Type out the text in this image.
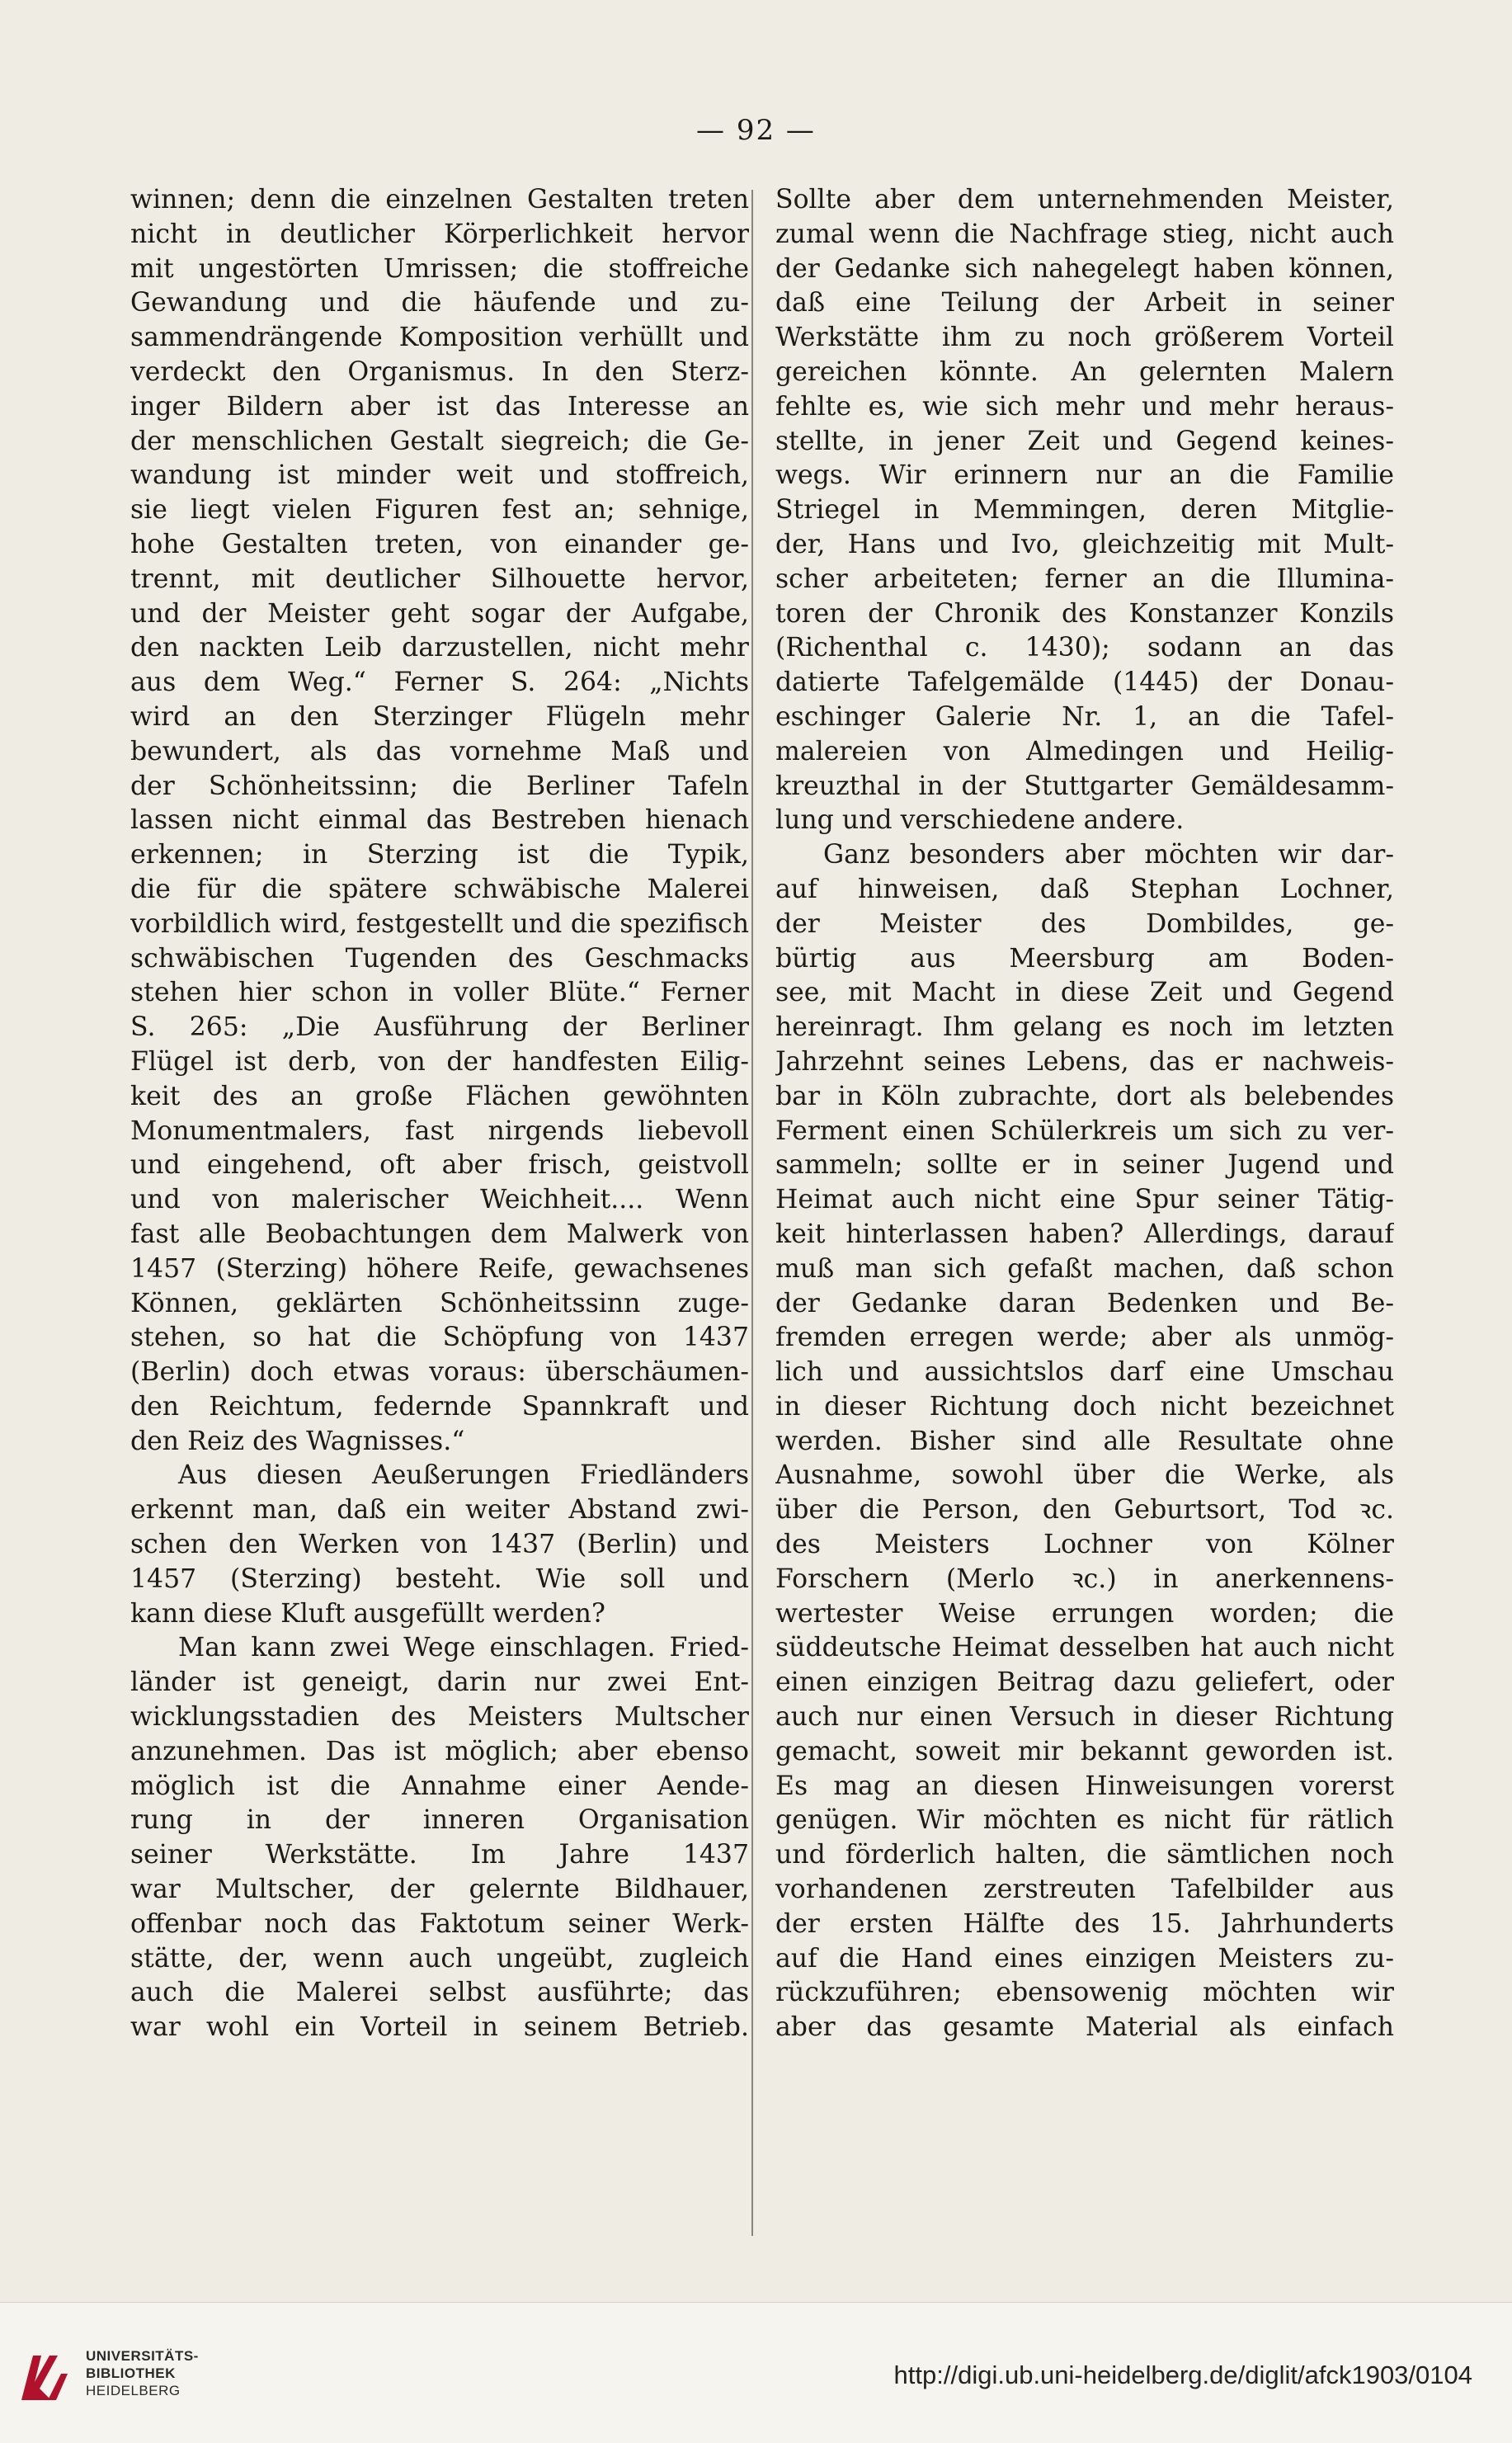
— 92 —
winnen; denn die einzelnen Gestalten treten
nicht in deutlicher Körperlichkeit hervor
mit ungestörten Umrissen; die stoffreiche
Gewandung und die häufende und zu-
sammendrängende Komposition verhüllt und
verdeckt den Organismus. In den Sterz-
inger Bildern aber ist das Interesse an
der menschlichen Gestalt siegreich; die Ge-
wandung ist minder weit und stoffreich,
sie liegt vielen Figuren fest an; sehnige,
hohe Gestalten treten, von einander ge-
trennt, mit deutlicher Silhouette hervor,
und der Meister geht sogar der Aufgabe,
den nackten Leib darzustellen, nicht mehr
aus dem Weg.“ Ferner S. 264: „Nichts
wird an den Sterzinger Flügeln mehr
bewundert, als das vornehme Maß und
der Schönheitssinn; die Berliner Tafeln
lassen nicht einmal das Bestreben hienach
erkennen; in Sterzing ist die Typik,
die für die spätere schwäbische Malerei
vorbildlich wird, festgestellt und die spezifisch
schwäbischen Tugenden des Geschmacks
stehen hier schon in voller Blüte.“ Ferner
S. 265: „Die Ausführung der Berliner
Flügel ist derb, von der handfesten Eilig-
keit des an große Flächen gewöhnten
Monumentmalers, fast nirgends liebevoll
und eingehend, oft aber frisch, geistvoll
und von malerischer Weichheit.... Wenn
fast alle Beobachtungen dem Malwerk von
1457 (Sterzing) höhere Reife, gewachsenes
Können, geklärten Schönheitssinn zuge-
stehen, so hat die Schöpfung von 1437
(Berlin) doch etwas voraus: überschäumen-
den Reichtum, federnde Spannkraft und
den Reiz des Wagnisses.“
Aus diesen Aeußerungen Friedländers
erkennt man, daß ein weiter Abstand zwi-
schen den Werken von 1437 (Berlin) und
1457 (Sterzing) besteht. Wie soll und
kann diese Kluft ausgefüllt werden?
Man kann zwei Wege einschlagen. Fried-
länder ist geneigt, darin nur zwei Ent-
wicklungsstadien des Meisters Multscher
anzunehmen. Das ist möglich; aber ebenso
möglich ist die Annahme einer Aende-
rung in der inneren Organisation
seiner Werkstätte. Im Jahre 1437
war Multscher, der gelernte Bildhauer,
offenbar noch das Faktotum seiner Werk-
stätte, der, wenn auch ungeübt, zugleich
auch die Malerei selbst ausführte; das
war wohl ein Vorteil in seinem Betrieb.
Sollte aber dem unternehmenden Meister,
zumal wenn die Nachfrage stieg, nicht auch
der Gedanke sich nahegelegt haben können,
daß eine Teilung der Arbeit in seiner
Werkstätte ihm zu noch größerem Vorteil
gereichen könnte. An gelernten Malern
fehlte es, wie sich mehr und mehr heraus-
stellte, in jener Zeit und Gegend keines-
wegs. Wir erinnern nur an die Familie
Striegel in Memmingen, deren Mitglie-
der, Hans und Ivo, gleichzeitig mit Mult-
scher arbeiteten; ferner an die Illumina-
toren der Chronik des Konstanzer Konzils
(Richenthal c. 1430); sodann an das
datierte Tafelgemälde (1445) der Donau-
eschinger Galerie Nr. 1, an die Tafel-
malereien von Almedingen und Heilig-
kreuzthal in der Stuttgarter Gemäldesamm-
lung und verschiedene andere.
Ganz besonders aber möchten wir dar-
auf hinweisen, daß Stephan Lochner,
der Meister des Dombildes, ge-
bürtig aus Meersburg am Boden-
see, mit Macht in diese Zeit und Gegend
hereinragt. Ihm gelang es noch im letzten
Jahrzehnt seines Lebens, das er nachweis-
bar in Köln zubrachte, dort als belebendes
Ferment einen Schülerkreis um sich zu ver-
sammeln; sollte er in seiner Jugend und
Heimat auch nicht eine Spur seiner Tätig-
keit hinterlassen haben? Allerdings, darauf
muß man sich gefaßt machen, daß schon
der Gedanke daran Bedenken und Be-
fremden erregen werde; aber als unmög-
lich und aussichtslos darf eine Umschau
in dieser Richtung doch nicht bezeichnet
werden. Bisher sind alle Resultate ohne
Ausnahme, sowohl über die Werke, als
über die Person, den Geburtsort, Tod ꝛc.
des Meisters Lochner von Kölner
Forschern (Merlo ꝛc.) in anerkennens-
wertester Weise errungen worden; die
süddeutsche Heimat desselben hat auch nicht
einen einzigen Beitrag dazu geliefert, oder
auch nur einen Versuch in dieser Richtung
gemacht, soweit mir bekannt geworden ist.
Es mag an diesen Hinweisungen vorerst
genügen. Wir möchten es nicht für rätlich
und förderlich halten, die sämtlichen noch
vorhandenen zerstreuten Tafelbilder aus
der ersten Hälfte des 15. Jahrhunderts
auf die Hand eines einzigen Meisters zu-
rückzuführen; ebensowenig möchten wir
aber das gesamte Material als einfach
UNIVERSITÄTS-
BIBLIOTHEK
HEIDELBERG
http://digi.ub.uni-heidelberg.de/diglit/afck1903/0104
